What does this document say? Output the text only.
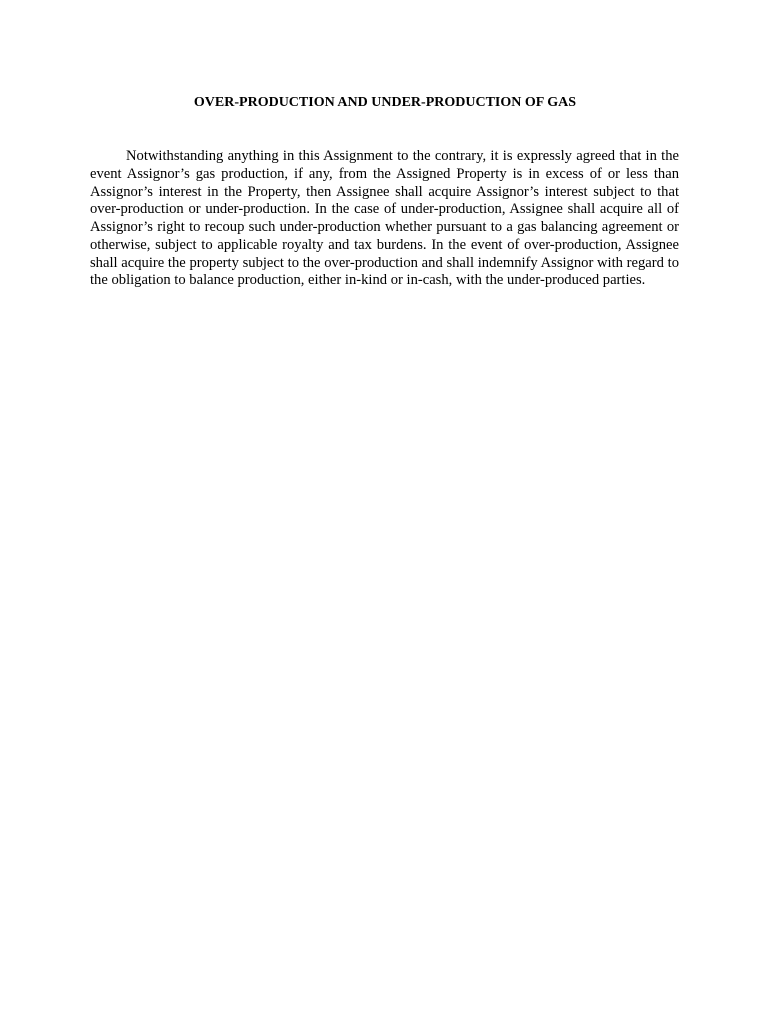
OVER-PRODUCTION AND UNDER-PRODUCTION OF GAS

Notwithstanding anything in this Assignment to the contrary, it is expressly agreed that in the event Assignor’s gas production, if any, from the Assigned Property is in excess of or less than Assignor’s interest in the Property, then Assignee shall acquire Assignor’s interest subject to that over-production or under-production. In the case of under-production, Assignee shall acquire all of Assignor’s right to recoup such under-production whether pursuant to a gas balancing agreement or otherwise, subject to applicable royalty and tax burdens. In the event of over-production, Assignee shall acquire the property subject to the over-production and shall indemnify Assignor with regard to the obligation to balance production, either in-kind or in-cash, with the under-produced parties.
